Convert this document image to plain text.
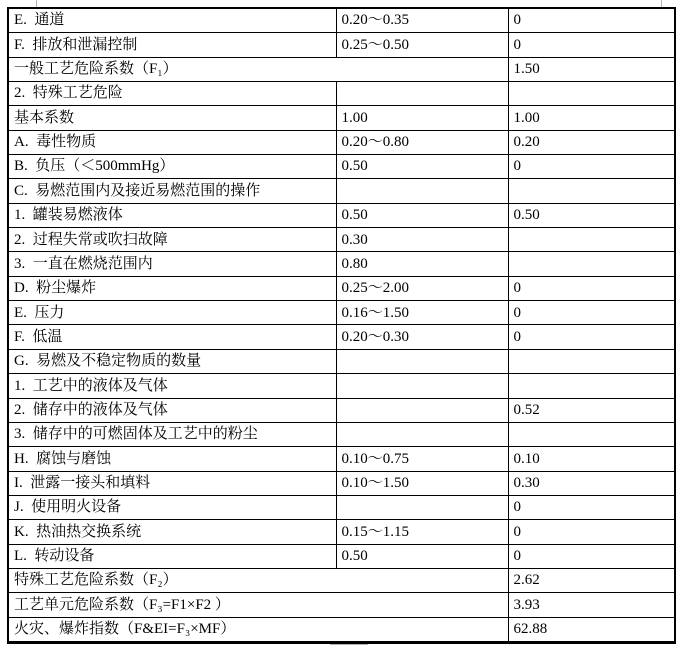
E.  通道	0.20～0.35	0
F.  排放和泄漏控制	0.25～0.50	0
一般工艺危险系数（F₁）		1.50
2.  特殊工艺危险		
基本系数	1.00	1.00
A.  毒性物质	0.20～0.80	0.20
B.  负压（＜500mmHg）	0.50	0
C.  易燃范围内及接近易燃范围的操作		
1.  罐装易燃液体	0.50	0.50
2.  过程失常或吹扫故障	0.30	
3.  一直在燃烧范围内	0.80	
D.  粉尘爆炸	0.25～2.00	0
E.  压力	0.16～1.50	0
F.  低温	0.20～0.30	0
G.  易燃及不稳定物质的数量		
1.  工艺中的液体及气体		
2.  储存中的液体及气体		0.52
3.  储存中的可燃固体及工艺中的粉尘		
H.  腐蚀与磨蚀	0.10～0.75	0.10
I.  泄露一接头和填料	0.10～1.50	0.30
J.  使用明火设备		0
K.  热油热交换系统	0.15～1.15	0
L.  转动设备	0.50	0
特殊工艺危险系数（F₂）		2.62
工艺单元危险系数（F₃=F1×F2 ）		3.93
火灾、爆炸指数（F&EI=F₃×MF）		62.88
